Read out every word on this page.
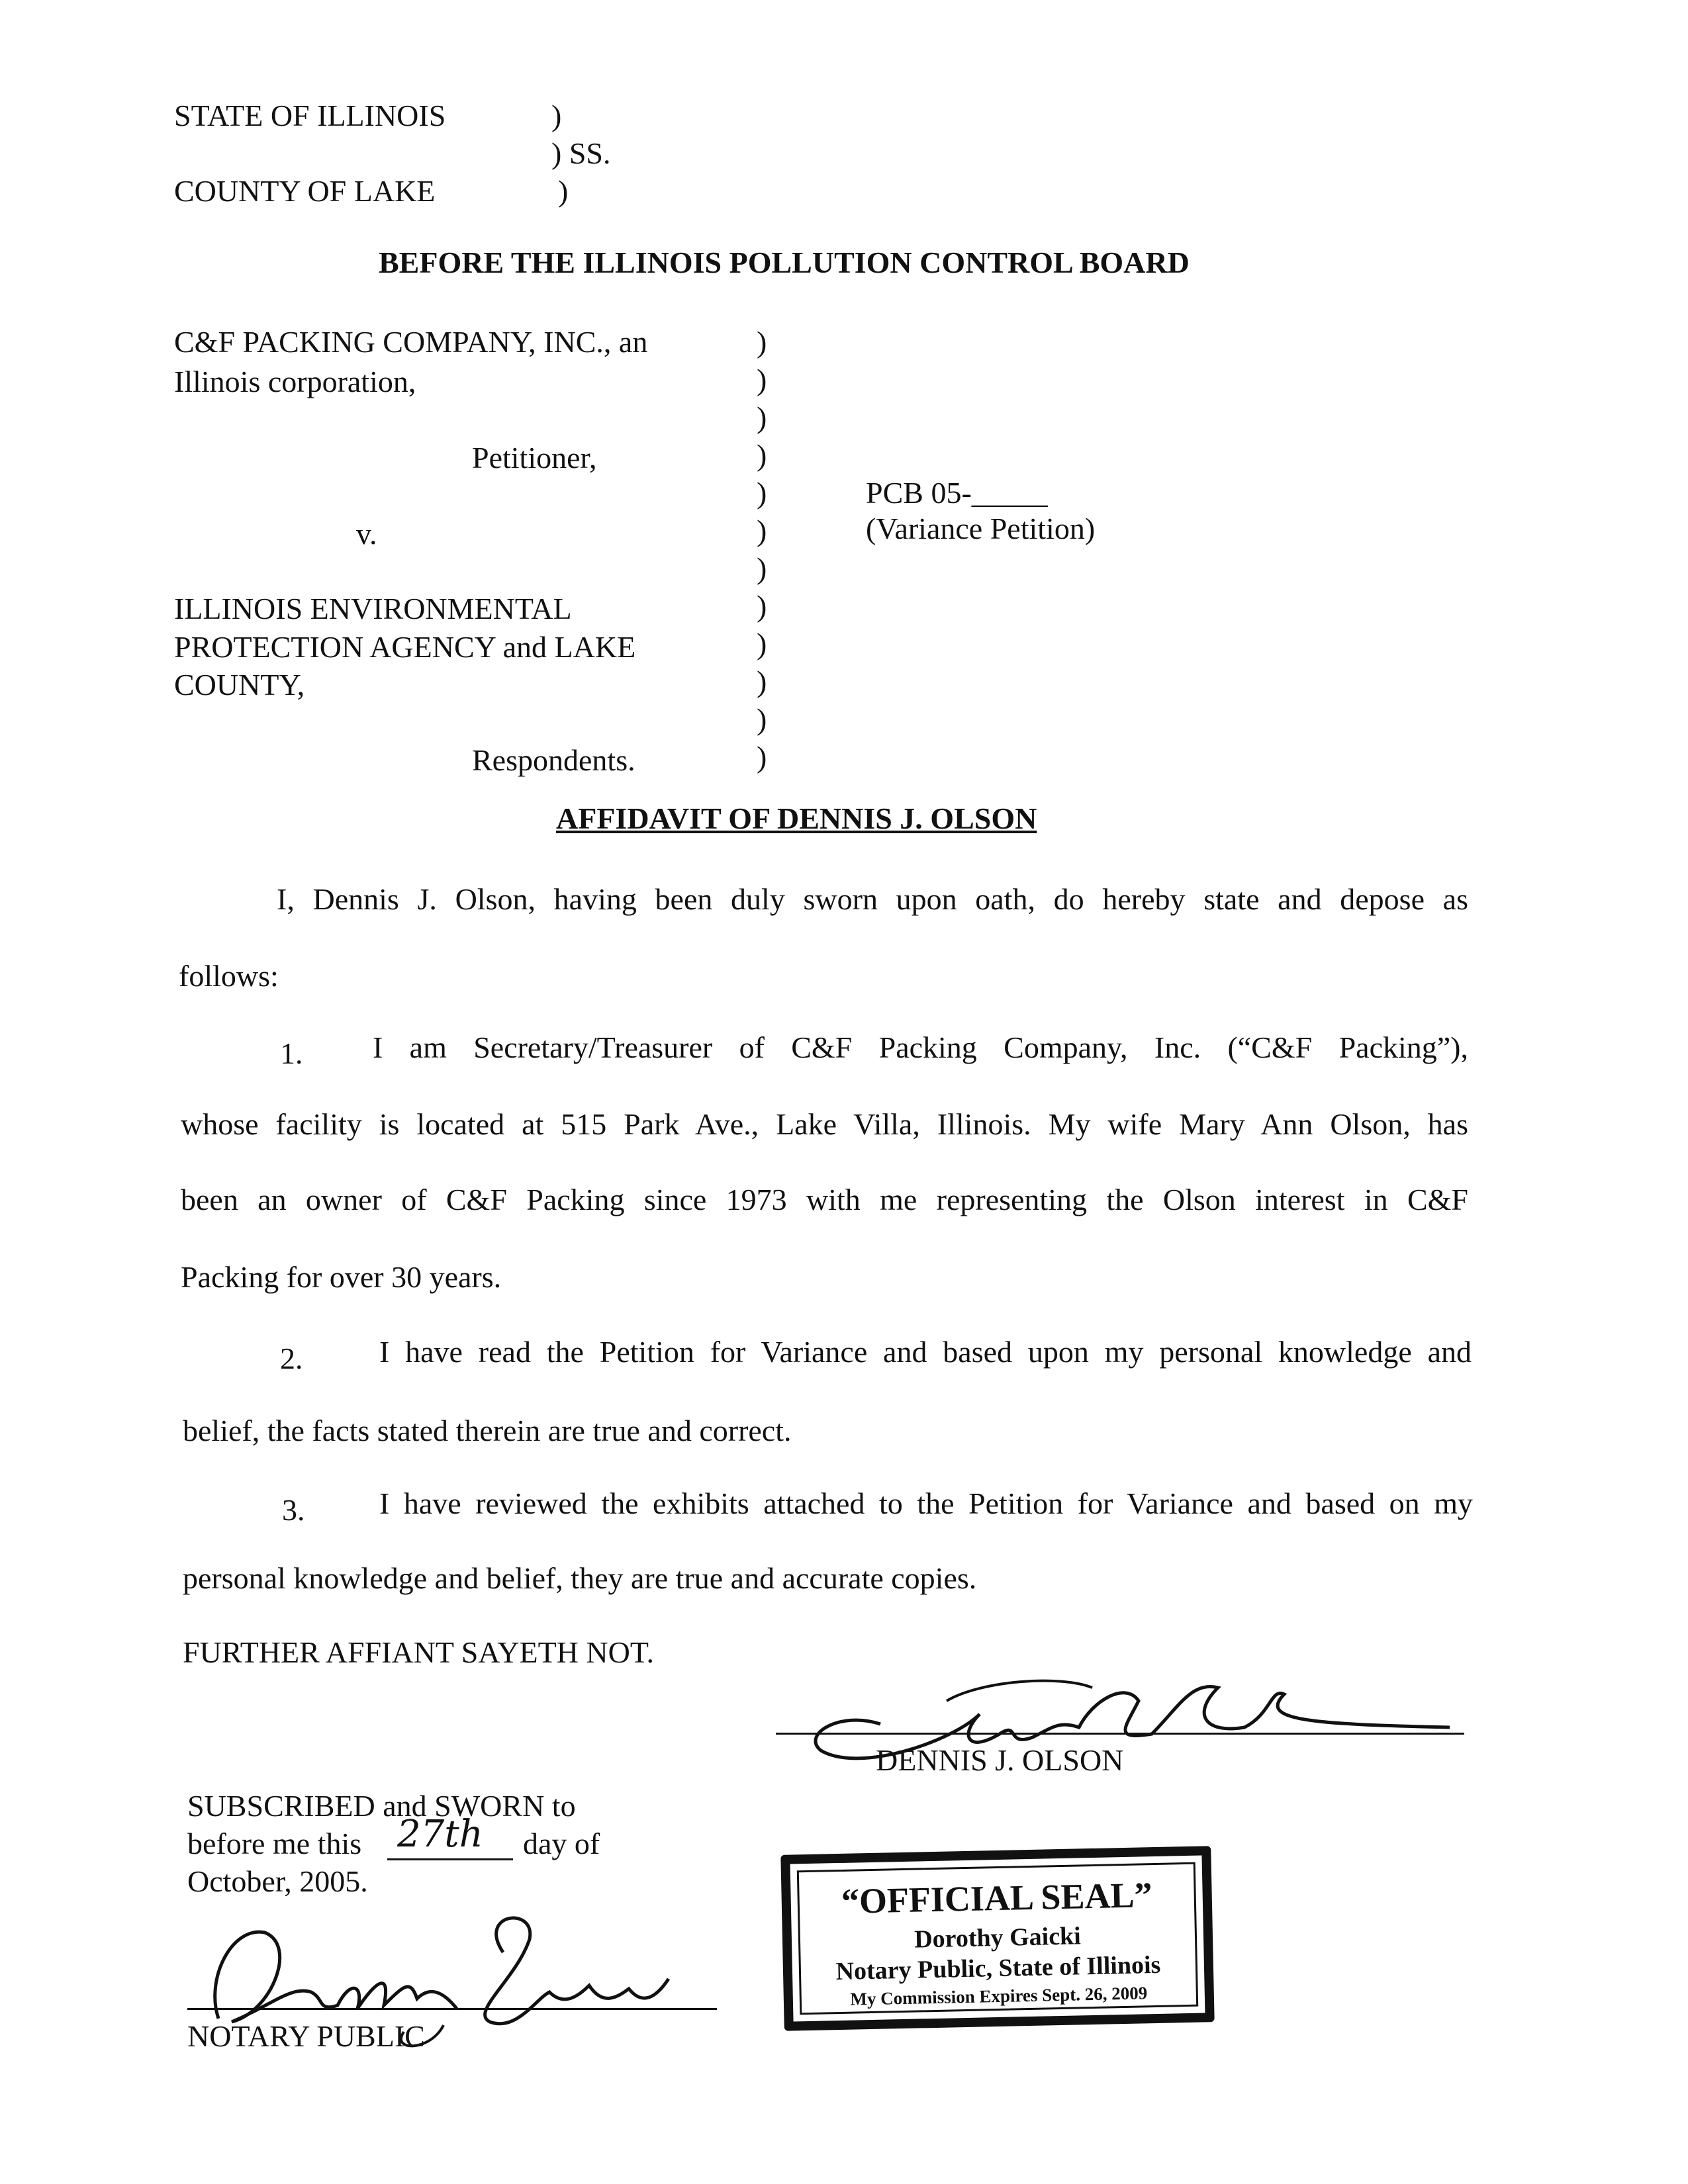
STATE OF ILLINOIS
COUNTY OF LAKE
)
) SS.
)
BEFORE THE ILLINOIS POLLUTION CONTROL BOARD
C&F PACKING COMPANY, INC., an
Illinois corporation,
Petitioner,
v.
ILLINOIS ENVIRONMENTAL
PROTECTION AGENCY and LAKE
COUNTY,
Respondents.
)
)
)
)
)
)
)
)
)
)
)
)
PCB 05-_____
(Variance Petition)
AFFIDAVIT OF DENNIS J. OLSON
I, Dennis J. Olson, having been duly sworn upon oath, do hereby state and depose as
follows:
1. I am Secretary/Treasurer of C&F Packing Company, Inc. (“C&F Packing”),
whose facility is located at 515 Park Ave., Lake Villa, Illinois. My wife Mary Ann Olson, has
been an owner of C&F Packing since 1973 with me representing the Olson interest in C&F
Packing for over 30 years.
2.	I have read the Petition for Variance and based upon my personal knowledge and
belief, the facts stated therein are true and correct.
3. I have reviewed the exhibits attached to the Petition for Variance and based on my
personal knowledge and belief, they are true and accurate copies.
FURTHER AFFIANT SAYETH NOT.
DENNIS J. OLSON
SUBSCRIBED and SWORN to
before me this 27th day of
October, 2005.
NOTARY PUBLIC
“OFFICIAL SEAL”
Dorothy Gaicki
Notary Public, State of Illinois
My Commission Expires Sept. 26, 2009
